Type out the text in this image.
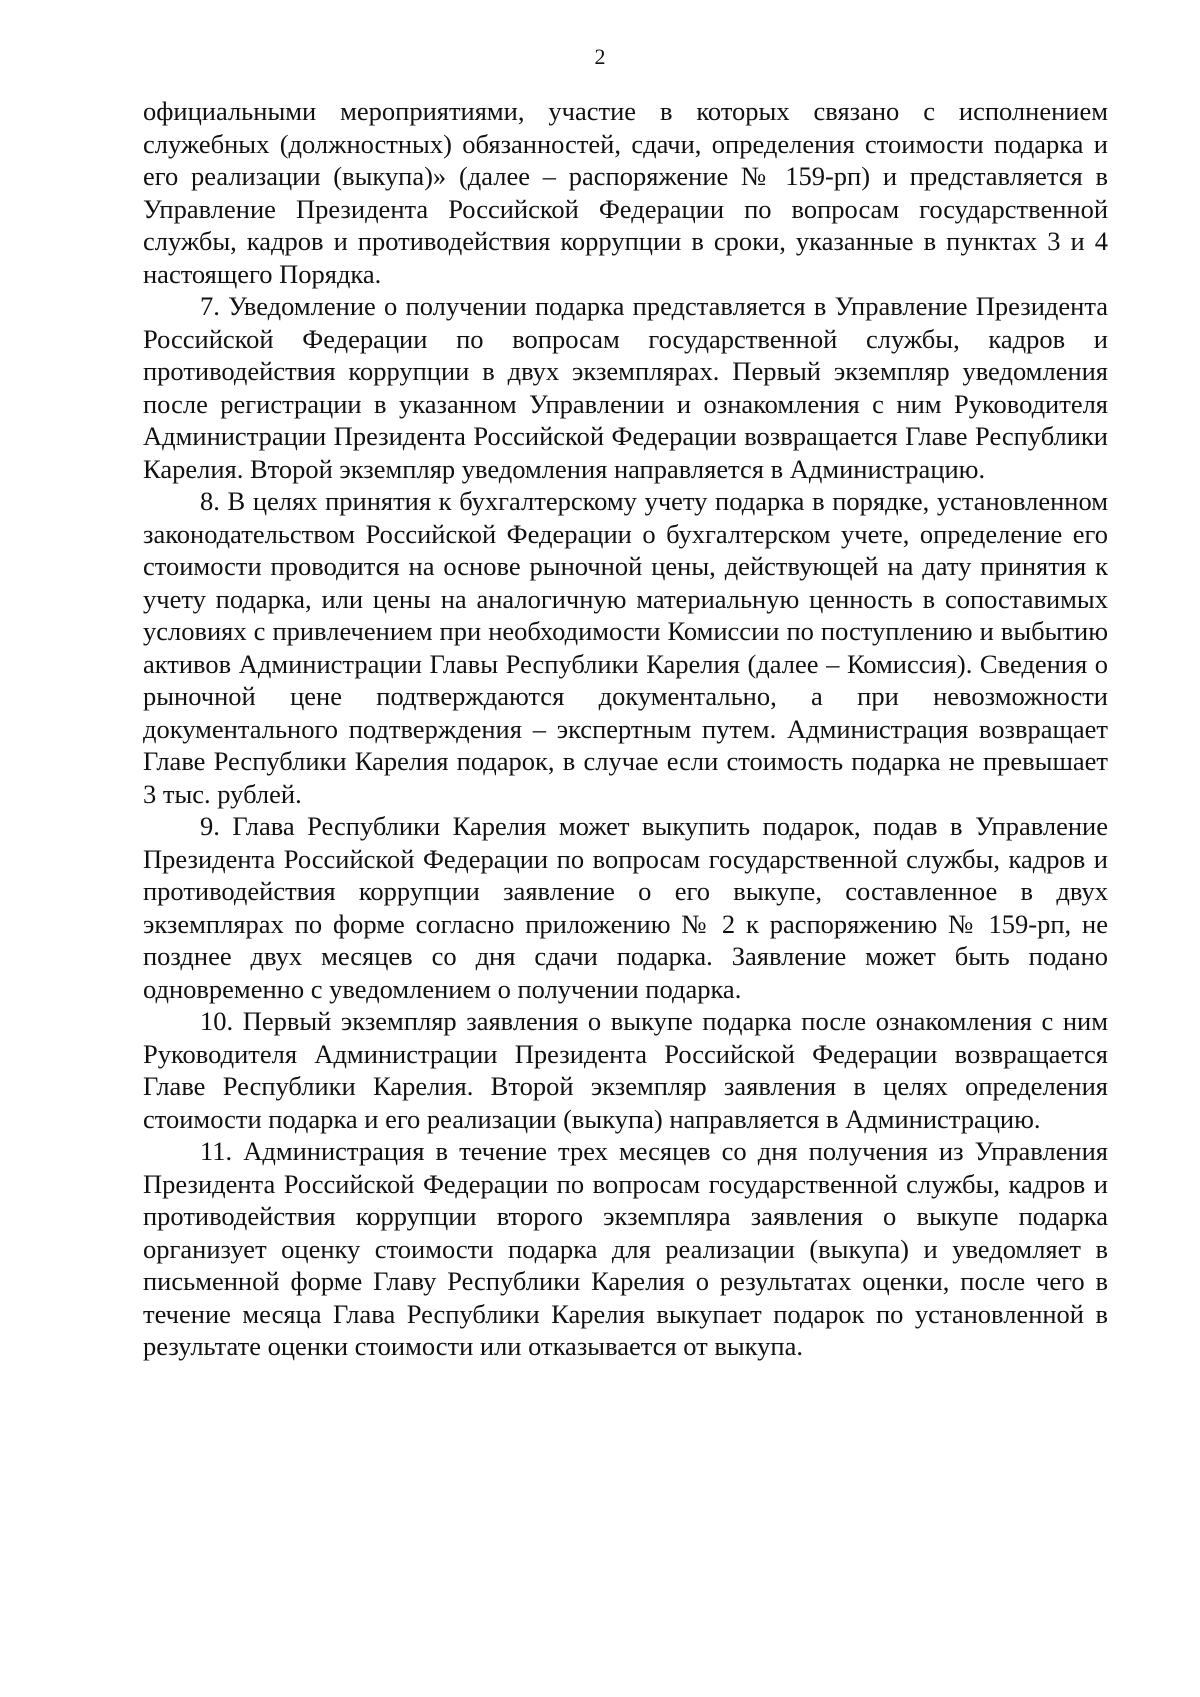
2

официальными мероприятиями, участие в которых связано с исполнением служебных (должностных) обязанностей, сдачи, определения стоимости подарка и его реализации (выкупа)» (далее – распоряжение № 159-рп) и представляется в Управление Президента Российской Федерации по вопросам государственной службы, кадров и противодействия коррупции в сроки, указанные в пунктах 3 и 4 настоящего Порядка.

7. Уведомление о получении подарка представляется в Управление Президента Российской Федерации по вопросам государственной службы, кадров и противодействия коррупции в двух экземплярах. Первый экземпляр уведомления после регистрации в указанном Управлении и ознакомления с ним Руководителя Администрации Президента Российской Федерации возвращается Главе Республики Карелия. Второй экземпляр уведомления направляется в Администрацию.

8. В целях принятия к бухгалтерскому учету подарка в порядке, установленном законодательством Российской Федерации о бухгалтерском учете, определение его стоимости проводится на основе рыночной цены, действующей на дату принятия к учету подарка, или цены на аналогичную материальную ценность в сопоставимых условиях с привлечением при необходимости Комиссии по поступлению и выбытию активов Администрации Главы Республики Карелия (далее – Комиссия). Сведения о рыночной цене подтверждаются документально, а при невозможности документального подтверждения – экспертным путем. Администрация возвращает Главе Республики Карелия подарок, в случае если стоимость подарка не превышает 3 тыс. рублей.

9. Глава Республики Карелия может выкупить подарок, подав в Управление Президента Российской Федерации по вопросам государственной службы, кадров и противодействия коррупции заявление о его выкупе, составленное в двух экземплярах по форме согласно приложению № 2 к распоряжению № 159-рп, не позднее двух месяцев со дня сдачи подарка. Заявление может быть подано одновременно с уведомлением о получении подарка.

10. Первый экземпляр заявления о выкупе подарка после ознакомления с ним Руководителя Администрации Президента Российской Федерации возвращается Главе Республики Карелия. Второй экземпляр заявления в целях определения стоимости подарка и его реализации (выкупа) направляется в Администрацию.

11. Администрация в течение трех месяцев со дня получения из Управления Президента Российской Федерации по вопросам государственной службы, кадров и противодействия коррупции второго экземпляра заявления о выкупе подарка организует оценку стоимости подарка для реализации (выкупа) и уведомляет в письменной форме Главу Республики Карелия о результатах оценки, после чего в течение месяца Глава Республики Карелия выкупает подарок по установленной в результате оценки стоимости или отказывается от выкупа.
